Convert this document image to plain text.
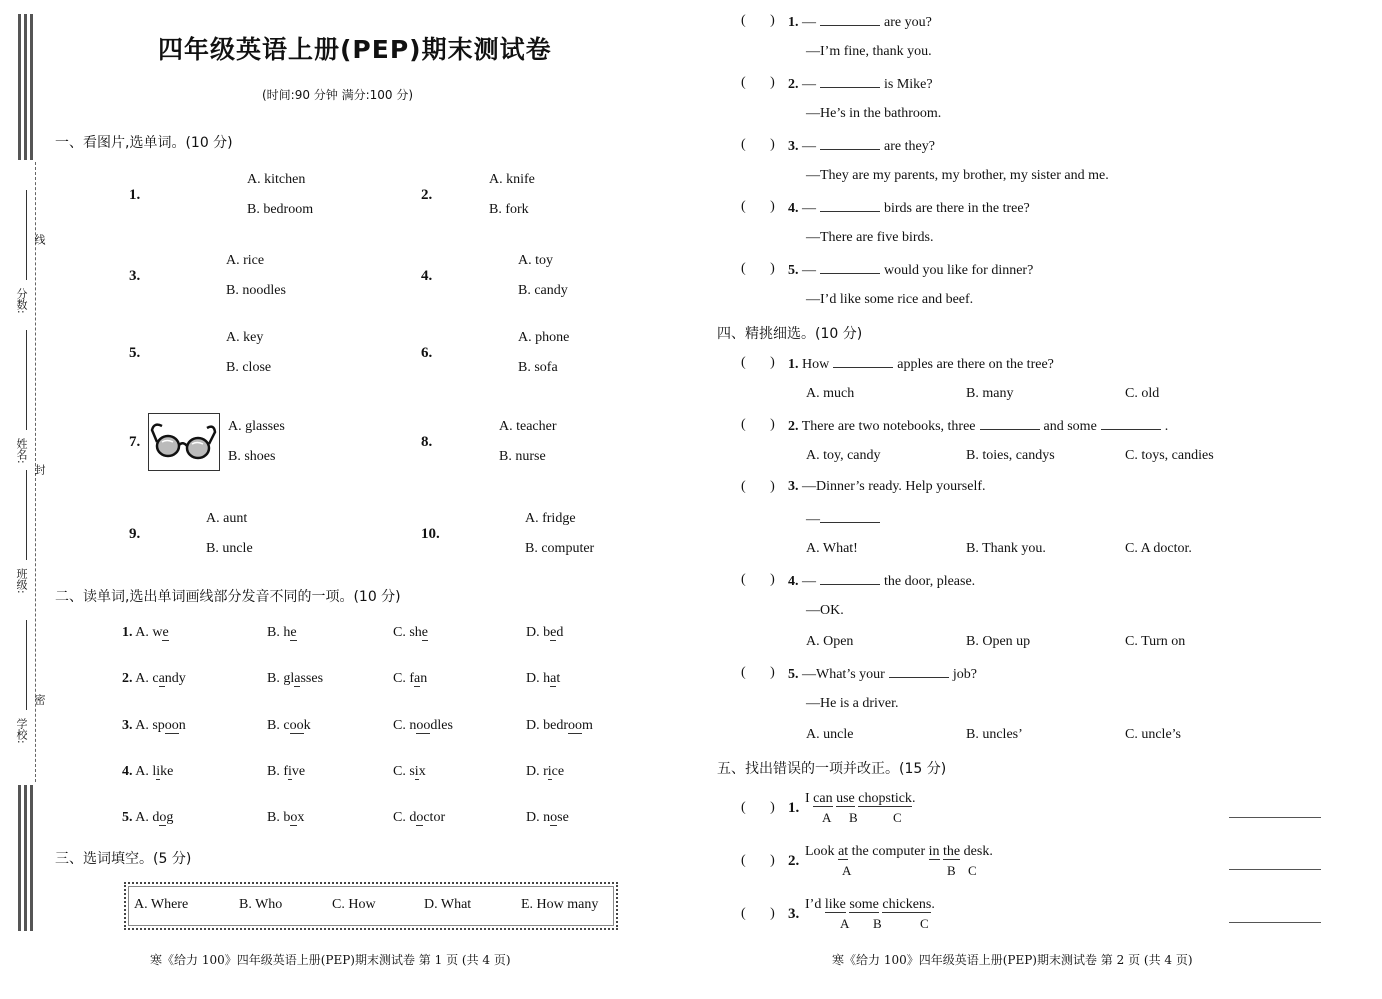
分数:
姓名:
班级:
学校:
线
封
密
四年级英语上册(PEP)期末测试卷
(时间:90 分钟 满分:100 分)
一、看图片,选单词。(10 分)
1.
A. kitchen
B. bedroom
2.
A. knife
B. fork
3.
A. rice
B. noodles
4.
A. toy
B. candy
5.
A. key
B. close
6.
A. phone
B. sofa
7.
A. glasses
B. shoes
8.
A. teacher
B. nurse
9.
A. aunt
B. uncle
10.
A. fridge
B. computer
二、读单词,选出单词画线部分发音不同的一项。(10 分)
1. A. we	B. he	C. she	D. bed
2. A. candy	B. glasses	C. fan	D. hat
3. A. spoon	B. cook	C. noodles	D. bedroom
4. A. like	B. five	C. six	D. rice
5. A. dog	B. box	C. doctor	D. nose
三、选词填空。(5 分)
A. Where	B. Who	C. How	D. What	E. How many
寒《给力 100》四年级英语上册(PEP)期末测试卷 第 1 页 (共 4 页)
( ) 1. —	are you?
—I’m fine, thank you.
( ) 2. —	is Mike?
—He’s in the bathroom.
( ) 3. —	are they?
—They are my parents, my brother, my sister and me.
( ) 4. —	birds are there in the tree?
—There are five birds.
( ) 5. —	would you like for dinner?
—I’d like some rice and beef.
四、精挑细选。(10 分)
( ) 1. How	apples are there on the tree?
A. much	B. many	C. old
( ) 2. There are two notebooks, three	and some	.
A. toy, candy	B. toies, candys	C. toys, candies
( ) 3. —Dinner’s ready. Help yourself.
—
A. What!	B. Thank you.	C. A doctor.
( ) 4. —	the door, please.
—OK.
A. Open	B. Open up	C. Turn on
( ) 5. —What’s your	job?
—He is a driver.
A. uncle	B. uncles’	C. uncle’s
五、找出错误的一项并改正。(15 分)
( ) 1.
I can use chopstick.
A B	C
( ) 2.
Look at the computer in the desk.
A	B C
( ) 3.
I’d like some chickens.
A B	C
寒《给力 100》四年级英语上册(PEP)期末测试卷 第 2 页 (共 4 页)
